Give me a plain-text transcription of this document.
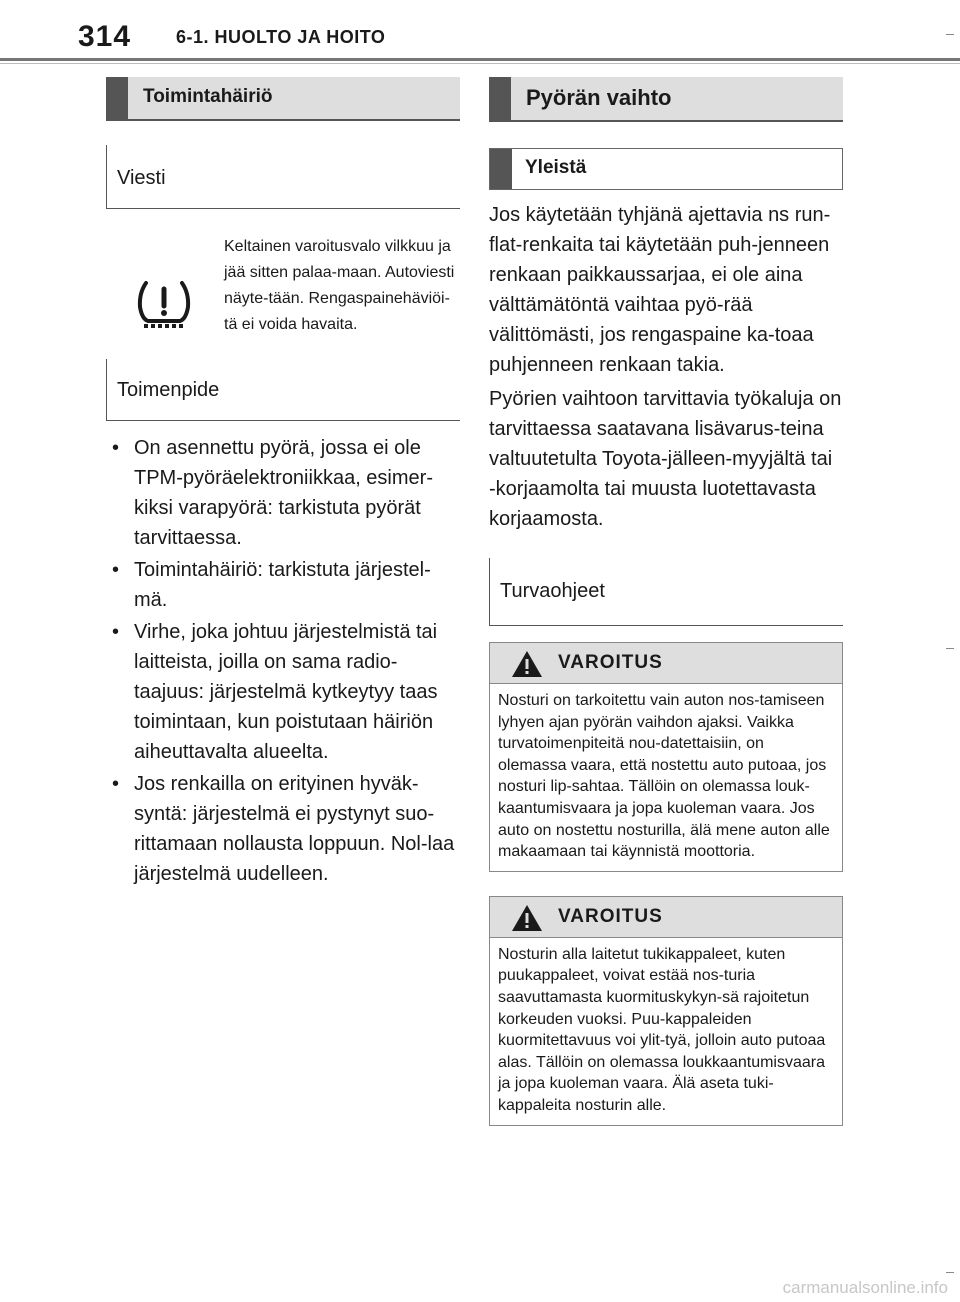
314 6-1. HUOLTO JA HOITO
Toimintahäiriö
Viesti
Keltainen varoitusvalo vilkkuu ja jää sitten palaa-maan. Autoviesti näyte-tään. Rengaspainehäviöi-tä ei voida havaita.
Toimenpide
• On asennettu pyörä, jossa ei ole TPM-pyöräelektroniikkaa, esimer-kiksi varapyörä: tarkistuta pyörät tarvittaessa.
• Toimintahäiriö: tarkistuta järjestel-mä.
• Virhe, joka johtuu järjestelmistä tai laitteista, joilla on sama radio-taajuus: järjestelmä kytkeytyy taas toimintaan, kun poistutaan häiriön aiheuttavalta alueelta.
• Jos renkailla on erityinen hyväk-syntä: järjestelmä ei pystynyt suo-rittamaan nollausta loppuun. Nol-laa järjestelmä uudelleen.
Pyörän vaihto
Yleistä

Jos käytetään tyhjänä ajettavia ns run-flat-renkaita tai käytetään puh-jenneen renkaan paikkaussarjaa, ei ole aina välttämätöntä vaihtaa pyö-rää välittömästi, jos rengaspaine ka-toaa puhjenneen renkaan takia.

Pyörien vaihtoon tarvittavia työkaluja on tarvittaessa saatavana lisävarus-teina valtuutetulta Toyota-jälleen-myyjältä tai -korjaamolta tai muusta luotettavasta korjaamosta.

Turvaohjeet
VAROITUS
Nosturi on tarkoitettu vain auton nos-tamiseen lyhyen ajan pyörän vaihdon ajaksi. Vaikka turvatoimenpiteitä nou-datettaisiin, on olemassa vaara, että nostettu auto putoaa, jos nosturi lip-sahtaa. Tällöin on olemassa louk-kaantumisvaara ja jopa kuoleman vaara. Jos auto on nostettu nosturilla, älä mene auton alle makaamaan tai käynnistä moottoria.
VAROITUS
Nosturin alla laitetut tukikappaleet, kuten puukappaleet, voivat estää nos-turia saavuttamasta kuormituskykyn-sä rajoitetun korkeuden vuoksi. Puu-kappaleiden kuormitettavuus voi ylit-tyä, jolloin auto putoaa alas. Tällöin on olemassa loukkaantumisvaara ja jopa kuoleman vaara. Älä aseta tuki-kappaleita nosturin alle.
carmanualsonline.info
